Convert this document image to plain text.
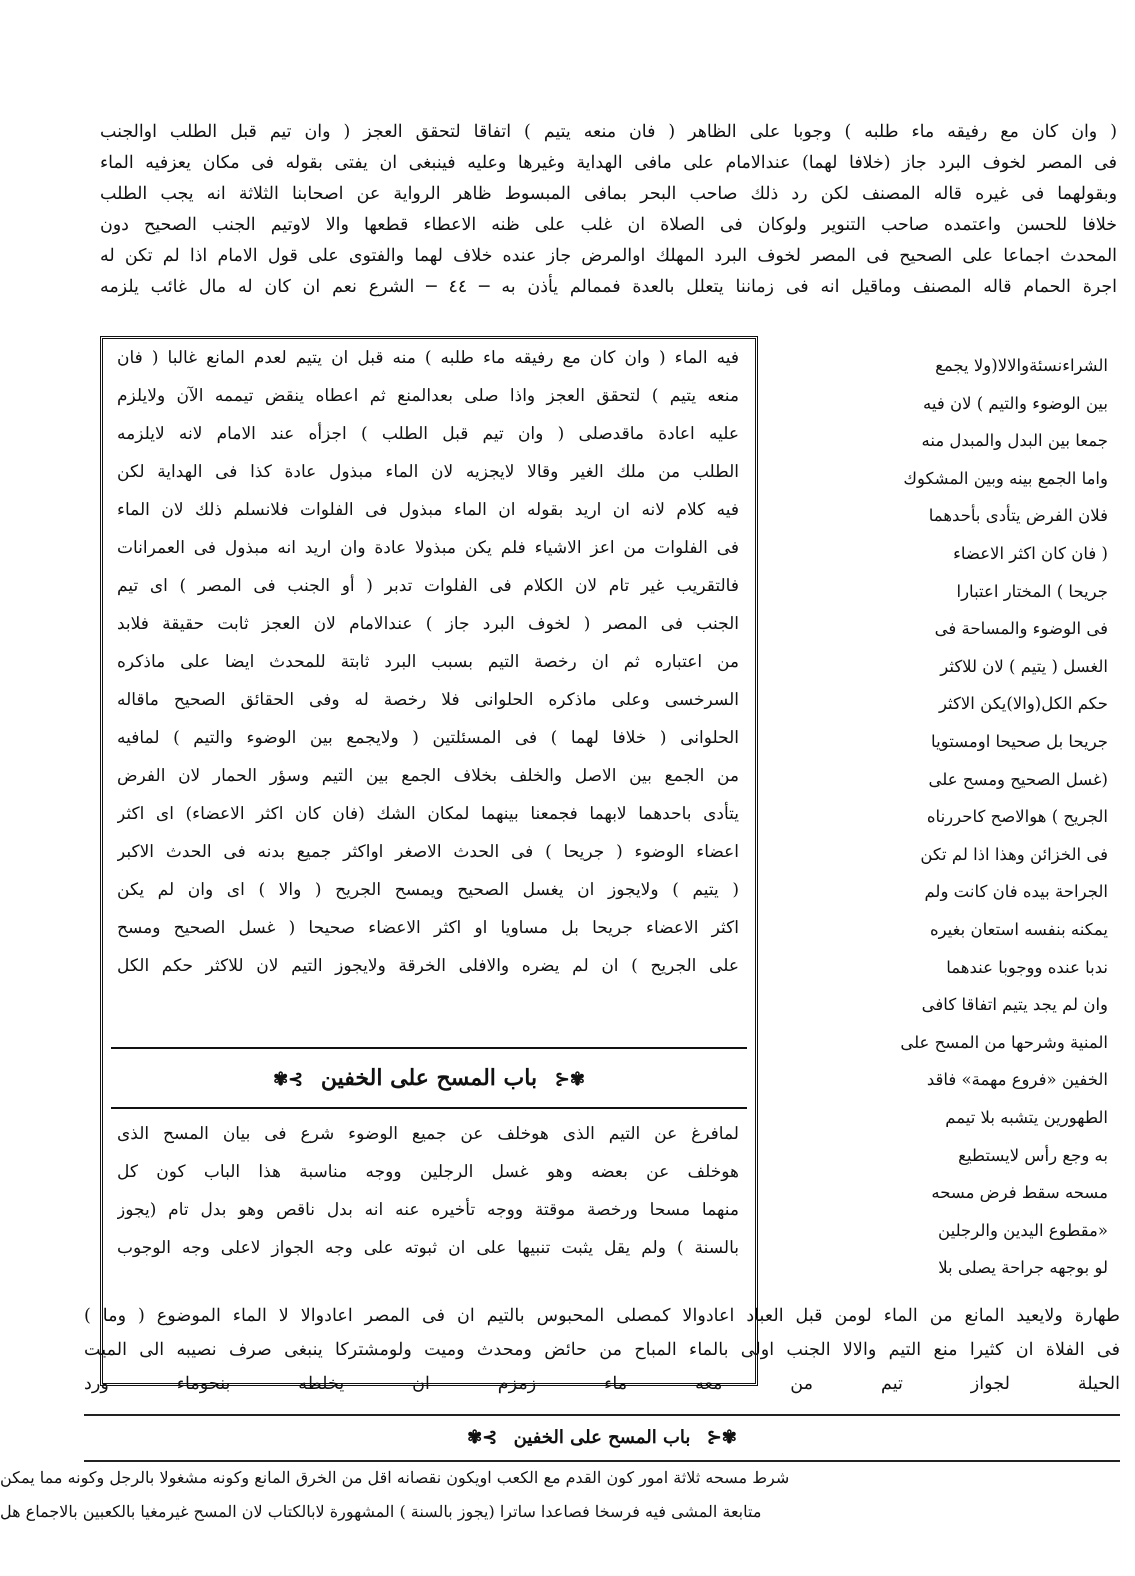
( وان كان مع رفيقه ماء طلبه ) وجوبا على الظاهر ( فان منعه يتيم ) اتفاقا لتحقق العجز ( وان تيم قبل الطلب اوالجنب
فى المصر لخوف البرد جاز (خلافا لهما) عندالامام على مافى الهداية وغيرها وعليه فينبغى ان يفتى بقوله فى مكان يعزفيه الماء
وبقولهما فى غيره قاله المصنف لكن رد ذلك صاحب البحر بمافى المبسوط ظاهر الرواية عن اصحابنا الثلاثة انه يجب الطلب
خلافا للحسن واعتمده صاحب التنوير ولوكان فى الصلاة ان غلب على ظنه الاعطاء قطعها والا لاوتيم الجنب الصحيح دون
المحدث اجماعا على الصحيح فى المصر لخوف البرد المهلك اوالمرض جاز عنده خلاف لهما والفتوى على قول الامام اذا لم تكن له
اجرة الحمام قاله المصنف وماقيل انه فى زماننا يتعلل بالعدة فممالم يأذن به ─ ٤٤ ─ الشرع نعم ان كان له مال غائب يلزمه
الشراءنسئةوالالا(ولا يجمع
بين الوضوء والتيم ) لان فيه
جمعا بين البدل والمبدل منه
واما الجمع بينه وبين المشكوك
فلان الفرض يتأدى بأحدهما
( فان كان اكثر الاعضاء
جريحا ) المختار اعتبارا
فى الوضوء والمساحة فى
الغسل ( يتيم ) لان للاكثر
حكم الكل(والا)يكن الاكثر
جريحا بل صحيحا اومستويا
(غسل الصحيح ومسح على
الجريح ) هوالاصح كاحررناه
فى الخزائن وهذا اذا لم تكن
الجراحة بيده فان كانت ولم
يمكنه بنفسه استعان بغيره
ندبا عنده ووجوبا عندهما
وان لم يجد يتيم اتفاقا كافى
المنية وشرحها من المسح على
الخفين «فروع مهمة» فاقد
الطهورين يتشبه بلا تيمم
به وجع رأس لايستطيع
مسحه سقط فرض مسحه
«مقطوع اليدين والرجلين
لو بوجهه جراحة يصلى بلا
فيه الماء ( وان كان مع رفيقه ماء طلبه ) منه قبل ان يتيم لعدم المانع غالبا ( فان
منعه يتيم ) لتحقق العجز واذا صلى بعدالمنع ثم اعطاه ينقض تيممه الآن ولايلزم
عليه اعادة ماقدصلى ( وان تيم قبل الطلب ) اجزأه عند الامام لانه لايلزمه
الطلب من ملك الغير وقالا لايجزيه لان الماء مبذول عادة كذا فى الهداية لكن
فيه كلام لانه ان اريد بقوله ان الماء مبذول فى الفلوات فلانسلم ذلك لان الماء
فى الفلوات من اعز الاشياء فلم يكن مبذولا عادة وان اريد انه مبذول فى العمرانات
فالتقريب غير تام لان الكلام فى الفلوات تدبر ( أو الجنب فى المصر ) اى تيم
الجنب فى المصر ( لخوف البرد جاز ) عندالامام لان العجز ثابت حقيقة فلابد
من اعتباره ثم ان رخصة التيم بسبب البرد ثابتة للمحدث ايضا على ماذكره
السرخسى وعلى ماذكره الحلوانى فلا رخصة له وفى الحقائق الصحيح ماقاله
الحلوانى ( خلافا لهما ) فى المسئلتين ( ولايجمع بين الوضوء والتيم ) لمافيه
من الجمع بين الاصل والخلف بخلاف الجمع بين التيم وسؤر الحمار لان الفرض
يتأدى باحدهما لابهما فجمعنا بينهما لمكان الشك (فان كان اكثر الاعضاء) اى اكثر
اعضاء الوضوء ( جريحا ) فى الحدث الاصغر اواكثر جميع بدنه فى الحدث الاكبر
( يتيم ) ولايجوز ان يغسل الصحيح ويمسح الجريح ( والا ) اى وان لم يكن
اكثر الاعضاء جريحا بل مساويا او اكثر الاعضاء صحيحا ( غسل الصحيح ومسح
على الجريح ) ان لم يضره والافلى الخرقة ولايجوز التيم لان للاكثر حكم الكل
✾⊰ باب المسح على الخفين ⊱✾
لمافرغ عن التيم الذى هوخلف عن جميع الوضوء شرع فى بيان المسح الذى
هوخلف عن بعضه وهو غسل الرجلين ووجه مناسبة هذا الباب كون كل
منهما مسحا ورخصة موقتة ووجه تأخيره عنه انه بدل ناقص وهو بدل تام (يجوز
بالسنة ) ولم يقل يثبت تنبيها على ان ثبوته على وجه الجواز لاعلى وجه الوجوب
طهارة ولايعيد المانع من الماء لومن قبل العباد اعادوالا كمصلى المحبوس بالتيم ان فى المصر اعادوالا لا الماء الموضوع ( وما )
فى الفلاة ان كثيرا منع التيم والالا الجنب اولى بالماء المباح من حائض ومحدث وميت ولومشتركا ينبغى صرف نصيبه الى الميت
الحيلة لجواز تيم من معه ماء زمزم ان يخلطه بنحوماء ورد
✾⊰ باب المسح على الخفين ⊱✾
شرط مسحه ثلاثة امور كون القدم مع الكعب اويكون نقصانه اقل من الخرق المانع وكونه مشغولا بالرجل وكونه مما يمكن
متابعة المشى فيه فرسخا فصاعدا ساترا (يجوز بالسنة ) المشهورة لابالكتاب لان المسح غيرمغيا بالكعبين بالاجماع هل
